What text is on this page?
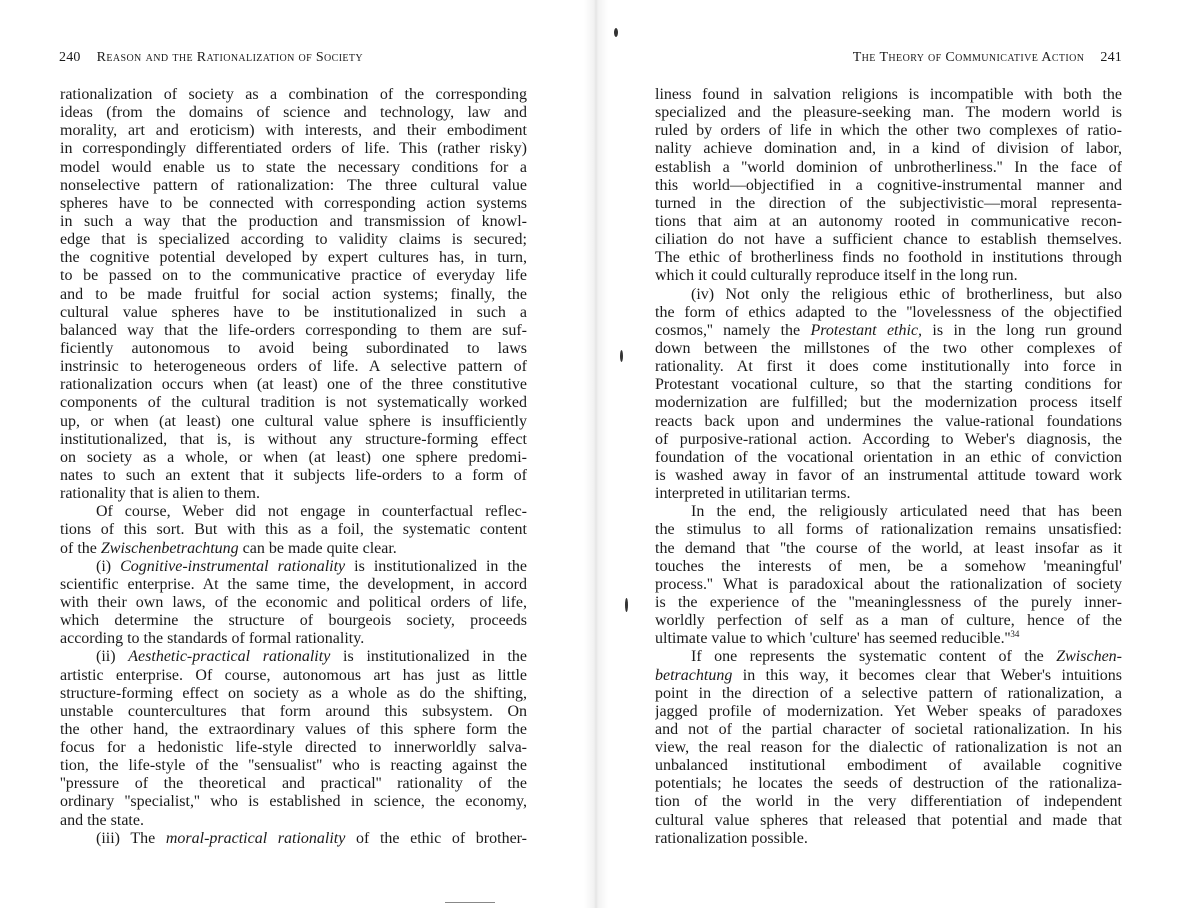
240 Reason and the Rationalization of Society
rationalization of society as a combination of the corresponding
ideas (from the domains of science and technology, law and
morality, art and eroticism) with interests, and their embodiment
in correspondingly differentiated orders of life. This (rather risky)
model would enable us to state the necessary conditions for a
nonselective pattern of rationalization: The three cultural value
spheres have to be connected with corresponding action systems
in such a way that the production and transmission of knowl-
edge that is specialized according to validity claims is secured;
the cognitive potential developed by expert cultures has, in turn,
to be passed on to the communicative practice of everyday life
and to be made fruitful for social action systems; finally, the
cultural value spheres have to be institutionalized in such a
balanced way that the life-orders corresponding to them are suf-
ficiently autonomous to avoid being subordinated to laws
instrinsic to heterogeneous orders of life. A selective pattern of
rationalization occurs when (at least) one of the three constitutive
components of the cultural tradition is not systematically worked
up, or when (at least) one cultural value sphere is insufficiently
institutionalized, that is, is without any structure-forming effect
on society as a whole, or when (at least) one sphere predomi-
nates to such an extent that it subjects life-orders to a form of
rationality that is alien to them.
Of course, Weber did not engage in counterfactual reflec-
tions of this sort. But with this as a foil, the systematic content
of the Zwischenbetrachtung can be made quite clear.
(i) Cognitive-instrumental rationality is institutionalized in the
scientific enterprise. At the same time, the development, in accord
with their own laws, of the economic and political orders of life,
which determine the structure of bourgeois society, proceeds
according to the standards of formal rationality.
(ii) Aesthetic-practical rationality is institutionalized in the
artistic enterprise. Of course, autonomous art has just as little
structure-forming effect on society as a whole as do the shifting,
unstable countercultures that form around this subsystem. On
the other hand, the extraordinary values of this sphere form the
focus for a hedonistic life-style directed to innerworldly salva-
tion, the life-style of the ''sensualist'' who is reacting against the
''pressure of the theoretical and practical'' rationality of the
ordinary ''specialist,'' who is established in science, the economy,
and the state.
(iii) The moral-practical rationality of the ethic of brother-
The Theory of Communicative Action 241
liness found in salvation religions is incompatible with both the
specialized and the pleasure-seeking man. The modern world is
ruled by orders of life in which the other two complexes of ratio-
nality achieve domination and, in a kind of division of labor,
establish a ''world dominion of unbrotherliness.'' In the face of
this world—objectified in a cognitive-instrumental manner and
turned in the direction of the subjectivistic—moral representa-
tions that aim at an autonomy rooted in communicative recon-
ciliation do not have a sufficient chance to establish themselves.
The ethic of brotherliness finds no foothold in institutions through
which it could culturally reproduce itself in the long run.
(iv) Not only the religious ethic of brotherliness, but also
the form of ethics adapted to the ''lovelessness of the objectified
cosmos,'' namely the Protestant ethic, is in the long run ground
down between the millstones of the two other complexes of
rationality. At first it does come institutionally into force in
Protestant vocational culture, so that the starting conditions for
modernization are fulfilled; but the modernization process itself
reacts back upon and undermines the value-rational foundations
of purposive-rational action. According to Weber's diagnosis, the
foundation of the vocational orientation in an ethic of conviction
is washed away in favor of an instrumental attitude toward work
interpreted in utilitarian terms.
In the end, the religiously articulated need that has been
the stimulus to all forms of rationalization remains unsatisfied:
the demand that ''the course of the world, at least insofar as it
touches the interests of men, be a somehow 'meaningful'
process.'' What is paradoxical about the rationalization of society
is the experience of the ''meaninglessness of the purely inner-
worldly perfection of self as a man of culture, hence of the
ultimate value to which 'culture' has seemed $reducible.''^{34}$
If one represents the systematic content of the Zwischen-
betrachtung in this way, it becomes clear that Weber's intuitions
point in the direction of a selective pattern of rationalization, a
jagged profile of modernization. Yet Weber speaks of paradoxes
and not of the partial character of societal rationalization. In his
view, the real reason for the dialectic of rationalization is not an
unbalanced institutional embodiment of available cognitive
potentials; he locates the seeds of destruction of the rationaliza-
tion of the world in the very differentiation of independent
cultural value spheres that released that potential and made that
rationalization possible.
